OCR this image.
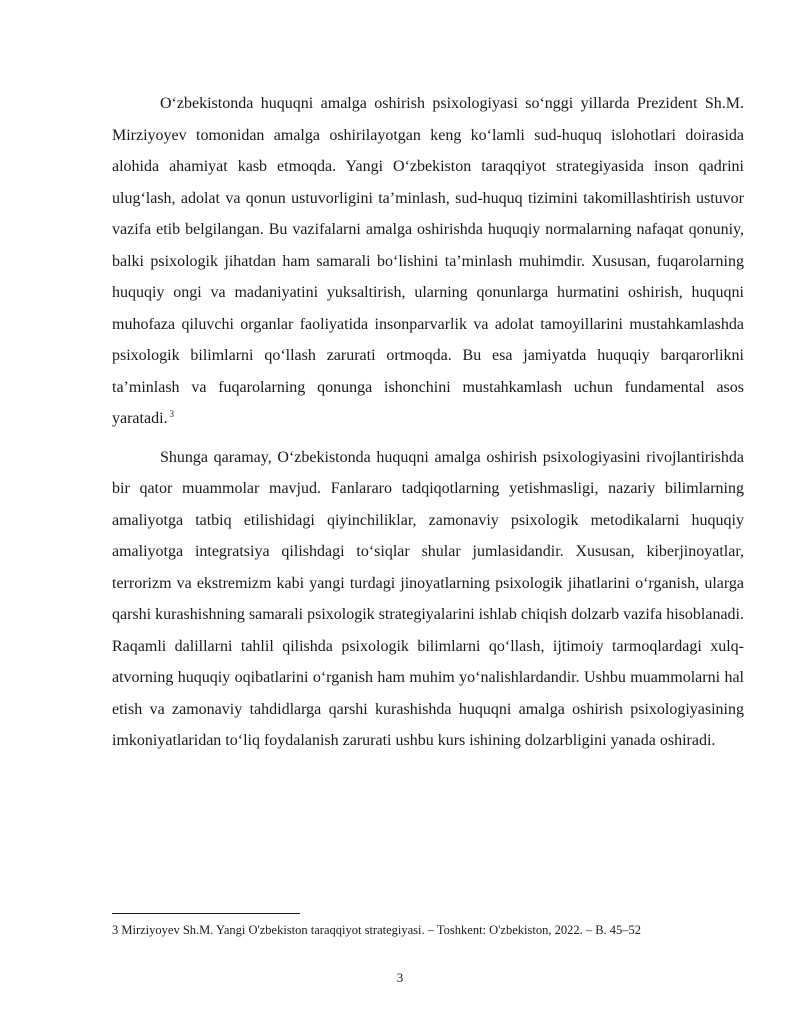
O‘zbekistonda huquqni amalga oshirish psixologiyasi so‘nggi yillarda Prezident Sh.M. Mirziyoyev tomonidan amalga oshirilayotgan keng ko‘lamli sud-huquq islohotlari doirasida alohida ahamiyat kasb etmoqda. Yangi O‘zbekiston taraqqiyot strategiyasida inson qadrini ulug‘lash, adolat va qonun ustuvorligini ta’minlash, sud-huquq tizimini takomillashtirish ustuvor vazifa etib belgilangan. Bu vazifalarni amalga oshirishda huquqiy normalarning nafaqat qonuniy, balki psixologik jihatdan ham samarali bo‘lishini ta’minlash muhimdir. Xususan, fuqarolarning huquqiy ongi va madaniyatini yuksaltirish, ularning qonunlarga hurmatini oshirish, huquqni muhofaza qiluvchi organlar faoliyatida insonparvarlik va adolat tamoyillarini mustahkamlashda psixologik bilimlarni qo‘llash zarurati ortmoqda. Bu esa jamiyatda huquqiy barqarorlikni ta’minlash va fuqarolarning qonunga ishonchini mustahkamlash uchun fundamental asos yaratadi. $^3$

Shunga qaramay, O‘zbekistonda huquqni amalga oshirish psixologiyasini rivojlantirishda bir qator muammolar mavjud. Fanlararo tadqiqotlarning yetishmasligi, nazariy bilimlarning amaliyotga tatbiq etilishidagi qiyinchiliklar, zamonaviy psixologik metodikalarni huquqiy amaliyotga integratsiya qilishdagi to‘siqlar shular jumlasidandir. Xususan, kiberjinoyatlar, terrorizm va ekstremizm kabi yangi turdagi jinoyatlarning psixologik jihatlarini o‘rganish, ularga qarshi kurashishning samarali psixologik strategiyalarini ishlab chiqish dolzarb vazifa hisoblanadi. Raqamli dalillarni tahlil qilishda psixologik bilimlarni qo‘llash, ijtimoiy tarmoqlardagi xulq-atvorning huquqiy oqibatlarini o‘rganish ham muhim yo‘nalishlardandir. Ushbu muammolarni hal etish va zamonaviy tahdidlarga qarshi kurashishda huquqni amalga oshirish psixologiyasining imkoniyatlaridan to‘liq foydalanish zarurati ushbu kurs ishining dolzarbligini yanada oshiradi.

3 Mirziyoyev Sh.M. Yangi O'zbekiston taraqqiyot strategiyasi. – Toshkent: O'zbekiston, 2022. – B. 45–52
3
